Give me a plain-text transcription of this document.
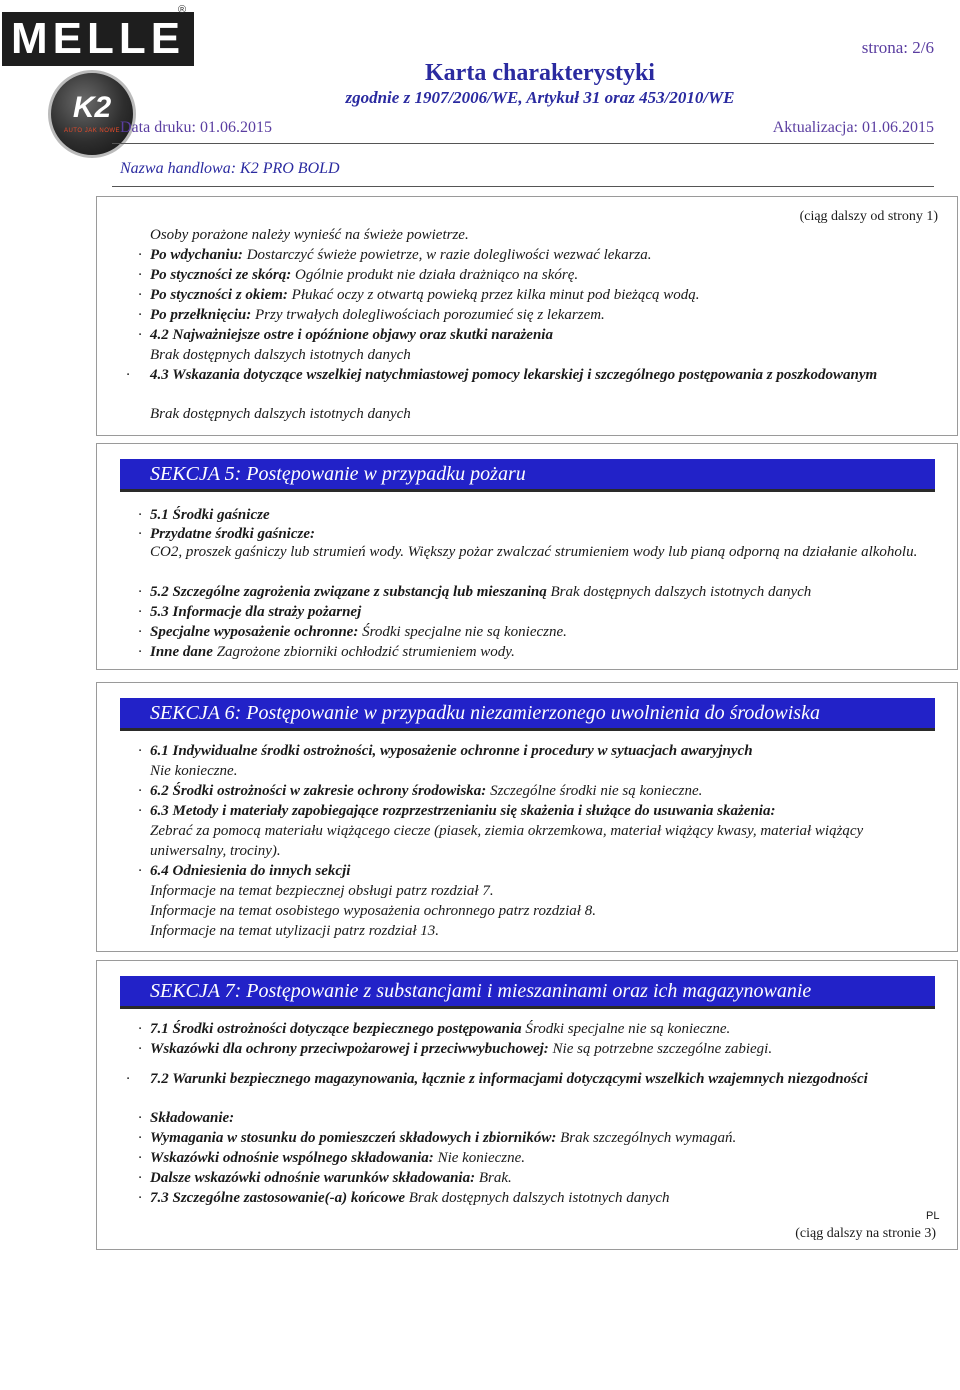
MELLE
®
K2
AUTO JAK NOWE
strona: 2/6
Karta charakterystyki
zgodnie z 1907/2006/WE, Artykuł 31 oraz 453/2010/WE
Data druku: 01.06.2015	Aktualizacja: 01.06.2015
Nazwa handlowa: K2 PRO BOLD
(ciąg dalszy od strony 1)
Osoby porażone należy wynieść na świeże powietrze.
· Po wdychaniu: Dostarczyć świeże powietrze, w razie dolegliwości wezwać lekarza.
· Po styczności ze skórą: Ogólnie produkt nie działa drażniąco na skórę.
· Po styczności z okiem: Płukać oczy z otwartą powieką przez kilka minut pod bieżącą wodą.
· Po przełknięciu: Przy trwałych dolegliwościach porozumieć się z lekarzem.
· 4.2 Najważniejsze ostre i opóźnione objawy oraz skutki narażenia
Brak dostępnych dalszych istotnych danych
· 4.3 Wskazania dotyczące wszelkiej natychmiastowej pomocy lekarskiej i szczególnego postępowania z poszkodowanym
Brak dostępnych dalszych istotnych danych
SEKCJA 5: Postępowanie w przypadku pożaru
· 5.1 Środki gaśnicze
· Przydatne środki gaśnicze:
CO2, proszek gaśniczy lub strumień wody. Większy pożar zwalczać strumieniem wody lub pianą odporną na działanie alkoholu.
· 5.2 Szczególne zagrożenia związane z substancją lub mieszaniną Brak dostępnych dalszych istotnych danych
· 5.3 Informacje dla straży pożarnej
· Specjalne wyposażenie ochronne: Środki specjalne nie są konieczne.
· Inne dane Zagrożone zbiorniki ochłodzić strumieniem wody.
SEKCJA 6: Postępowanie w przypadku niezamierzonego uwolnienia do środowiska
· 6.1 Indywidualne środki ostrożności, wyposażenie ochronne i procedury w sytuacjach awaryjnych
Nie konieczne.
· 6.2 Środki ostrożności w zakresie ochrony środowiska: Szczególne środki nie są konieczne.
· 6.3 Metody i materiały zapobiegające rozprzestrzenianiu się skażenia i służące do usuwania skażenia:
Zebrać za pomocą materiału wiążącego ciecze (piasek, ziemia okrzemkowa, materiał wiążący kwasy, materiał wiążący uniwersalny, trociny).
· 6.4 Odniesienia do innych sekcji
Informacje na temat bezpiecznej obsługi patrz rozdział 7.
Informacje na temat osobistego wyposażenia ochronnego patrz rozdział 8.
Informacje na temat utylizacji patrz rozdział 13.
SEKCJA 7: Postępowanie z substancjami i mieszaninami oraz ich magazynowanie
· 7.1 Środki ostrożności dotyczące bezpiecznego postępowania Środki specjalne nie są konieczne.
· Wskazówki dla ochrony przeciwpożarowej i przeciwwybuchowej: Nie są potrzebne szczególne zabiegi.
· 7.2 Warunki bezpiecznego magazynowania, łącznie z informacjami dotyczącymi wszelkich wzajemnych niezgodności
· Składowanie:
· Wymagania w stosunku do pomieszczeń składowych i zbiorników: Brak szczególnych wymagań.
· Wskazówki odnośnie wspólnego składowania: Nie konieczne.
· Dalsze wskazówki odnośnie warunków składowania: Brak.
· 7.3 Szczególne zastosowanie(-a) końcowe Brak dostępnych dalszych istotnych danych
PL
(ciąg dalszy na stronie 3)
